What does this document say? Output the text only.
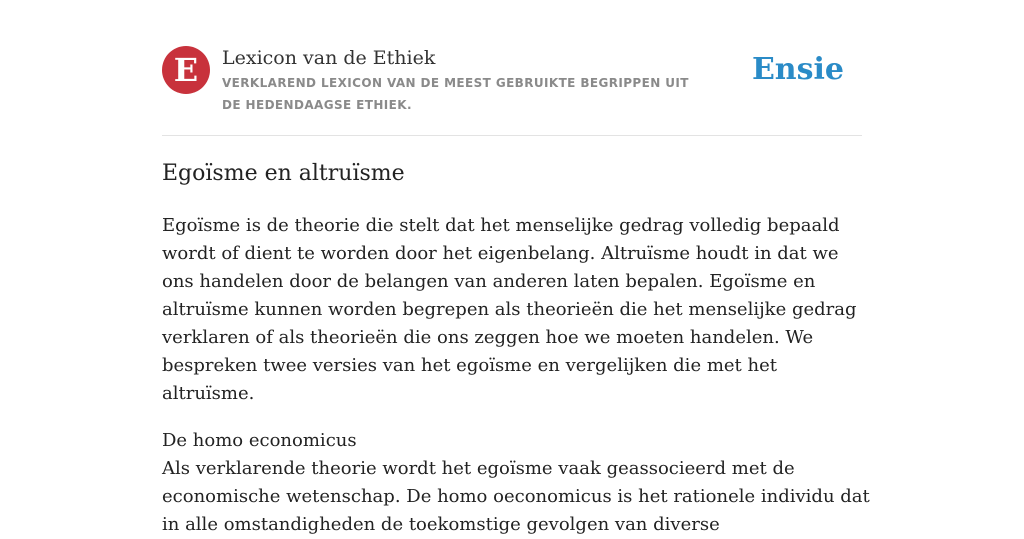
E	Lexicon van de Ethiek
VERKLAREND LEXICON VAN DE MEEST GEBRUIKTE BEGRIPPEN UIT DE HEDENDAAGSE ETHIEK.
Ensie
Egoïsme en altruïsme

Egoïsme is de theorie die stelt dat het menselijke gedrag volledig bepaald wordt of dient te worden door het eigenbelang. Altruïsme houdt in dat we ons handelen door de belangen van anderen laten bepalen. Egoïsme en altruïsme kunnen worden begrepen als theorieën die het menselijke gedrag verklaren of als theorieën die ons zeggen hoe we moeten handelen. We bespreken twee versies van het egoïsme en vergelijken die met het altruïsme.

De homo economicus

Als verklarende theorie wordt het egoïsme vaak geassocieerd met de economische wetenschap. De homo oeconomicus is het rationele individu dat in alle omstandigheden de toekomstige gevolgen van diverse
